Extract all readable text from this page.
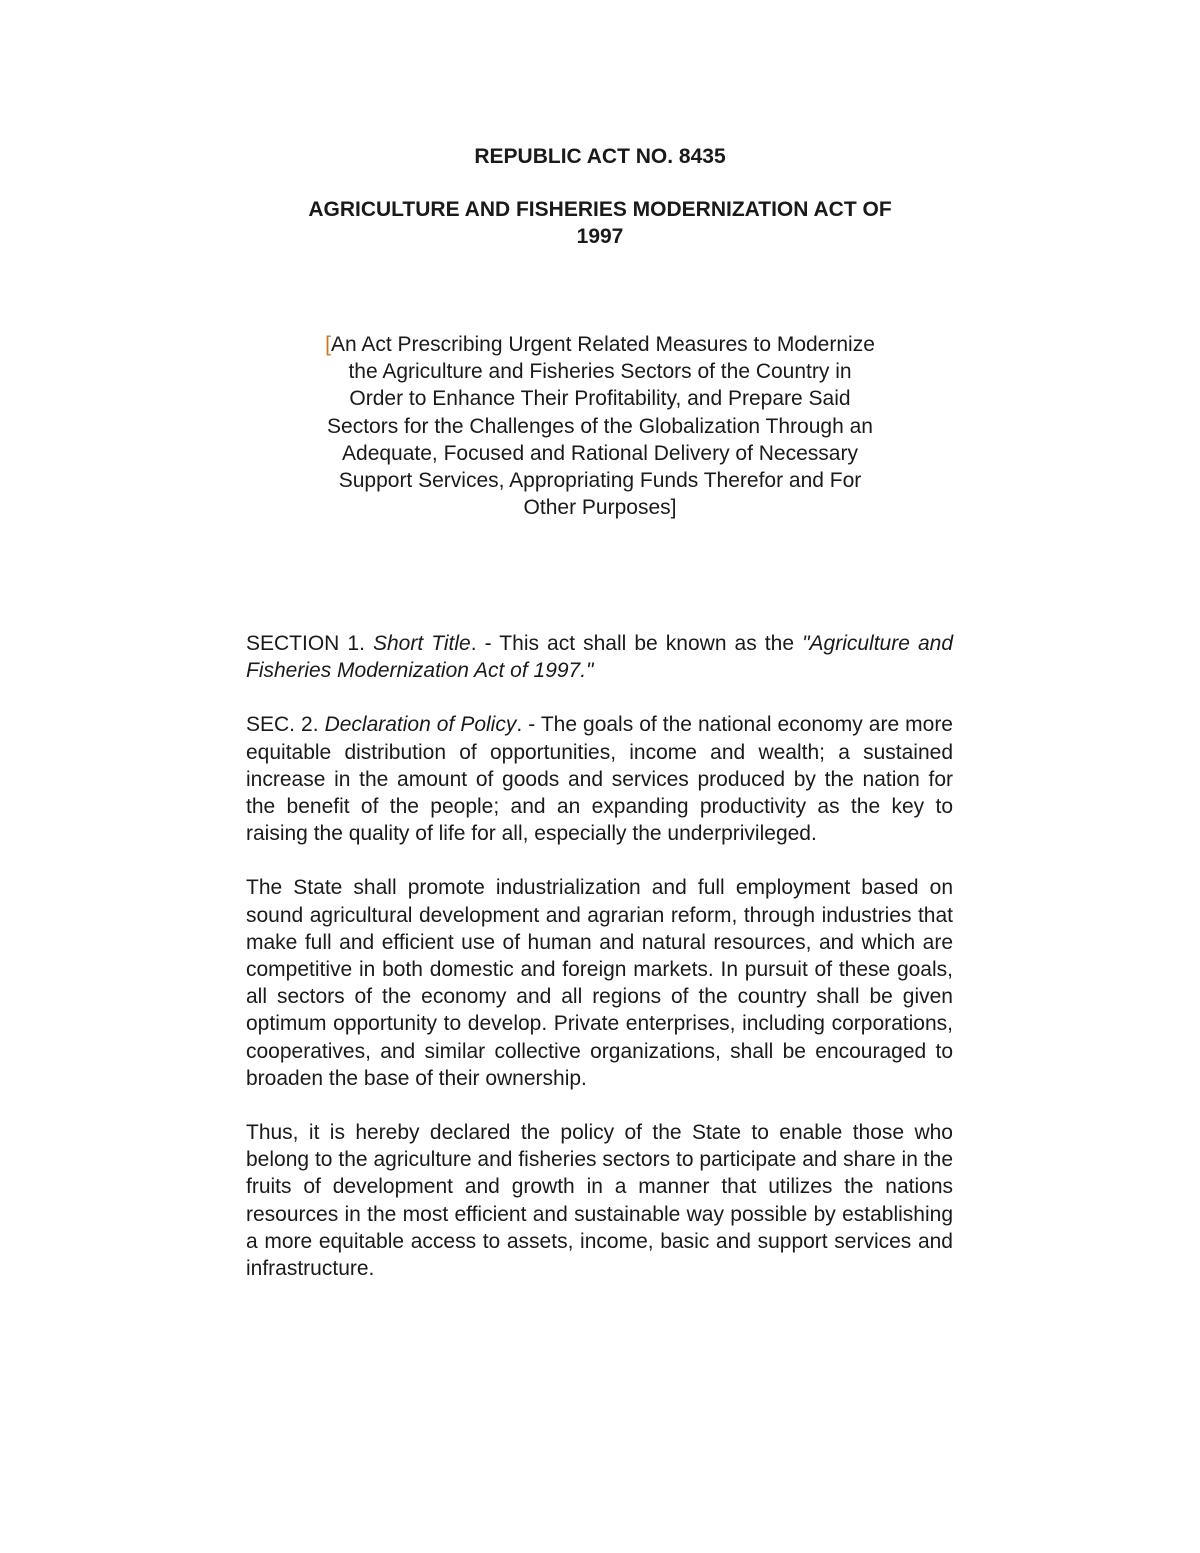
REPUBLIC ACT NO. 8435
AGRICULTURE AND FISHERIES MODERNIZATION ACT OF
1997

[An Act Prescribing Urgent Related Measures to Modernize the Agriculture and Fisheries Sectors of the Country in Order to Enhance Their Profitability, and Prepare Said Sectors for the Challenges of the Globalization Through an Adequate, Focused and Rational Delivery of Necessary Support Services, Appropriating Funds Therefor and For Other Purposes]

SECTION 1. Short Title. - This act shall be known as the "Agriculture and Fisheries Modernization Act of 1997."

SEC. 2. Declaration of Policy. - The goals of the national economy are more equitable distribution of opportunities, income and wealth; a sustained increase in the amount of goods and services produced by the nation for the benefit of the people; and an expanding productivity as the key to raising the quality of life for all, especially the underprivileged.

The State shall promote industrialization and full employment based on sound agricultural development and agrarian reform, through industries that make full and efficient use of human and natural resources, and which are competitive in both domestic and foreign markets. In pursuit of these goals, all sectors of the economy and all regions of the country shall be given optimum opportunity to develop. Private enterprises, including corporations, cooperatives, and similar collective organizations, shall be encouraged to broaden the base of their ownership.

Thus, it is hereby declared the policy of the State to enable those who belong to the agriculture and fisheries sectors to participate and share in the fruits of development and growth in a manner that utilizes the nations resources in the most efficient and sustainable way possible by establishing a more equitable access to assets, income, basic and support services and infrastructure.
